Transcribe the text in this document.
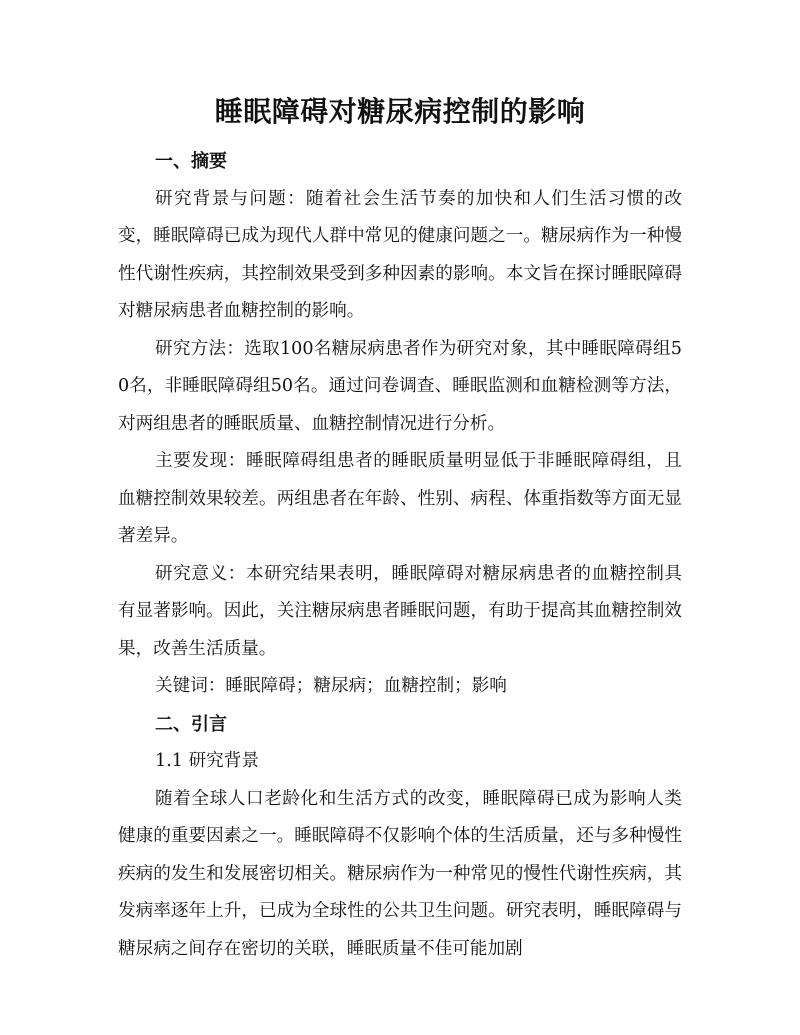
睡眠障碍对糖尿病控制的影响
一、摘要

研究背景与问题：随着社会生活节奏的加快和人们生活习惯的改变，睡眠障碍已成为现代人群中常见的健康问题之一。糖尿病作为一种慢性代谢性疾病，其控制效果受到多种因素的影响。本文旨在探讨睡眠障碍对糖尿病患者血糖控制的影响。

研究方法：选取100名糖尿病患者作为研究对象，其中睡眠障碍组50名，非睡眠障碍组50名。通过问卷调查、睡眠监测和血糖检测等方法，对两组患者的睡眠质量、血糖控制情况进行分析。

主要发现：睡眠障碍组患者的睡眠质量明显低于非睡眠障碍组，且血糖控制效果较差。两组患者在年龄、性别、病程、体重指数等方面无显著差异。

研究意义：本研究结果表明，睡眠障碍对糖尿病患者的血糖控制具有显著影响。因此，关注糖尿病患者睡眠问题，有助于提高其血糖控制效果，改善生活质量。

关键词：睡眠障碍；糖尿病；血糖控制；影响

二、引言
1.1 研究背景

随着全球人口老龄化和生活方式的改变，睡眠障碍已成为影响人类健康的重要因素之一。睡眠障碍不仅影响个体的生活质量，还与多种慢性疾病的发生和发展密切相关。糖尿病作为一种常见的慢性代谢性疾病，其发病率逐年上升，已成为全球性的公共卫生问题。研究表明，睡眠障碍与糖尿病之间存在密切的关联，睡眠质量不佳可能加剧
